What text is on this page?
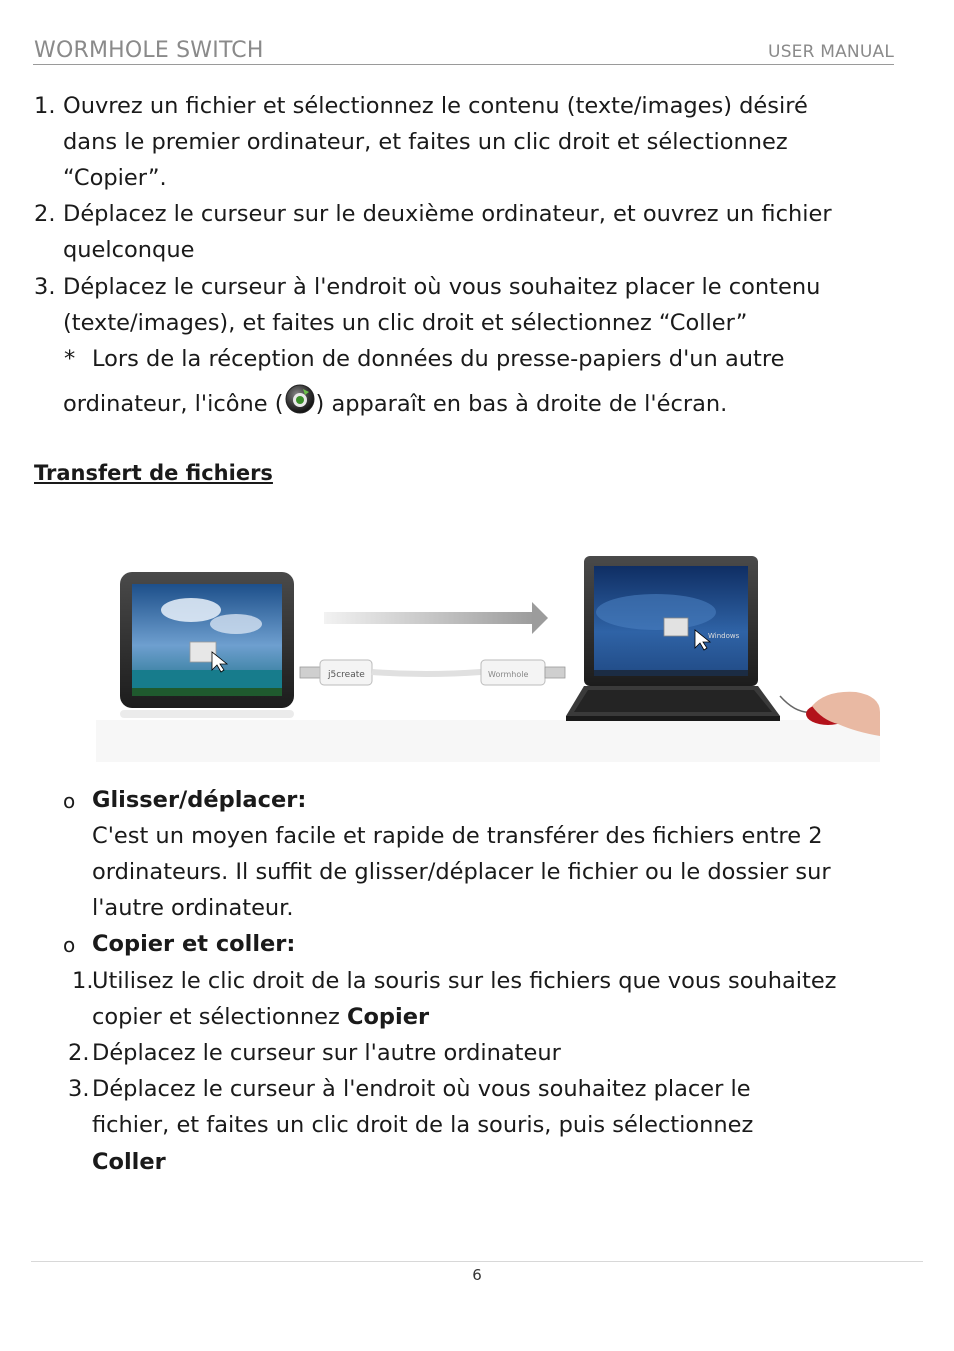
WORMHOLE SWITCH	USER MANUAL
1. Ouvrez un fichier et sélectionnez le contenu (texte/images) désiré
dans le premier ordinateur, et faites un clic droit et sélectionnez
“Copier”.
2. Déplacez le curseur sur le deuxième ordinateur, et ouvrez un fichier
quelconque
3. Déplacez le curseur à l'endroit où vous souhaitez placer le contenu
(texte/images), et faites un clic droit et sélectionnez “Coller”
* Lors de la réception de données du presse-papiers d'un autre
ordinateur, l'icône ( ) apparaît en bas à droite de l'écran.
Transfert de fichiers
j5create	Wormhole
Windows
o Glisser/déplacer:
C'est un moyen facile et rapide de transférer des fichiers entre 2
ordinateurs. Il suffit de glisser/déplacer le fichier ou le dossier sur
l'autre ordinateur.
o Copier et coller:
1.
Utilisez le clic droit de la souris sur les fichiers que vous souhaitez
copier et sélectionnez Copier
2. Déplacez le curseur sur l'autre ordinateur
3. Déplacez le curseur à l'endroit où vous souhaitez placer le
fichier, et faites un clic droit de la souris, puis sélectionnez
Coller
6
